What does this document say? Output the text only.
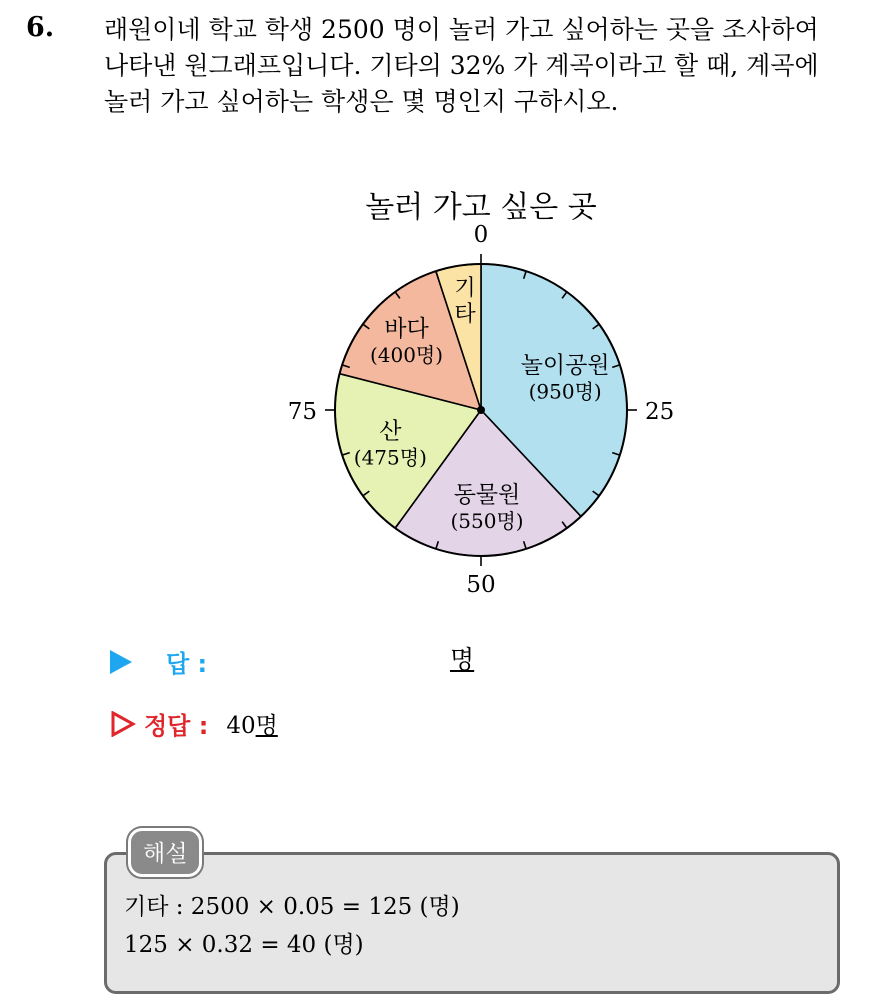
6. 래원이네 학교 학생 2500 명이 놀러 가고 싶어하는 곳을 조사하여
나타낸 원그래프입니다. 기타의 32% 가 계곡이라고 할 때, 계곡에
놀러 가고 싶어하는 학생은 몇 명인지 구하시오.
놀러 가고 싶은 곳
0
25
50
75
놀이공원
(950명)
동물원
(550명)
산
(475명)
바다
(400명)
기
타
답 :	명
정답 : 40명
해설
기타 : 2500 × 0.05 = 125 (명)
125 × 0.32 = 40 (명)
